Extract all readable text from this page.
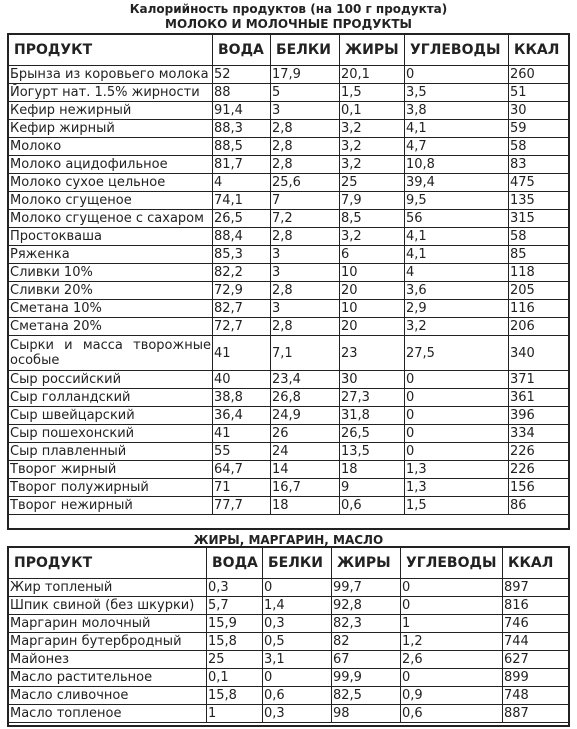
Калорийность продуктов (на 100 г продукта)
МОЛОКО И МОЛОЧНЫЕ ПРОДУКТЫ
ПРОДУКТ	ВОДА	БЕЛКИ	ЖИРЫ	УГЛЕВОДЫ	ККАЛ
Брынза из коровьего молока	52	17,9	20,1	0	260
Йогурт нат. 1.5% жирности	88	5	1,5	3,5	51
Кефир нежирный	91,4	3	0,1	3,8	30
Кефир жирный	88,3	2,8	3,2	4,1	59
Молоко	88,5	2,8	3,2	4,7	58
Молоко ацидофильное	81,7	2,8	3,2	10,8	83
Молоко сухое цельное	4	25,6	25	39,4	475
Молоко сгущеное	74,1	7	7,9	9,5	135
Молоко сгущеное с сахаром	26,5	7,2	8,5	56	315
Простокваша	88,4	2,8	3,2	4,1	58
Ряженка	85,3	3	6	4,1	85
Сливки 10%	82,2	3	10	4	118
Сливки 20%	72,9	2,8	20	3,6	205
Сметана 10%	82,7	3	10	2,9	116
Сметана 20%	72,7	2,8	20	3,2	206
Сырки и масса творожные особые	41	7,1	23	27,5	340
Сыр российский	40	23,4	30	0	371
Сыр голландский	38,8	26,8	27,3	0	361
Сыр швейцарский	36,4	24,9	31,8	0	396
Сыр пошехонский	41	26	26,5	0	334
Сыр плавленный	55	24	13,5	0	226
Творог жирный	64,7	14	18	1,3	226
Творог полужирный	71	16,7	9	1,3	156
Творог нежирный	77,7	18	0,6	1,5	86
ЖИРЫ, МАРГАРИН, МАСЛО
ПРОДУКТ	ВОДА	БЕЛКИ	ЖИРЫ	УГЛЕВОДЫ	ККАЛ
Жир топленый	0,3	0	99,7	0	897
Шпик свиной (без шкурки)	5,7	1,4	92,8	0	816
Маргарин молочный	15,9	0,3	82,3	1	746
Маргарин бутербродный	15,8	0,5	82	1,2	744
Майонез	25	3,1	67	2,6	627
Масло растительное	0,1	0	99,9	0	899
Масло сливочное	15,8	0,6	82,5	0,9	748
Масло топленое	1	0,3	98	0,6	887
